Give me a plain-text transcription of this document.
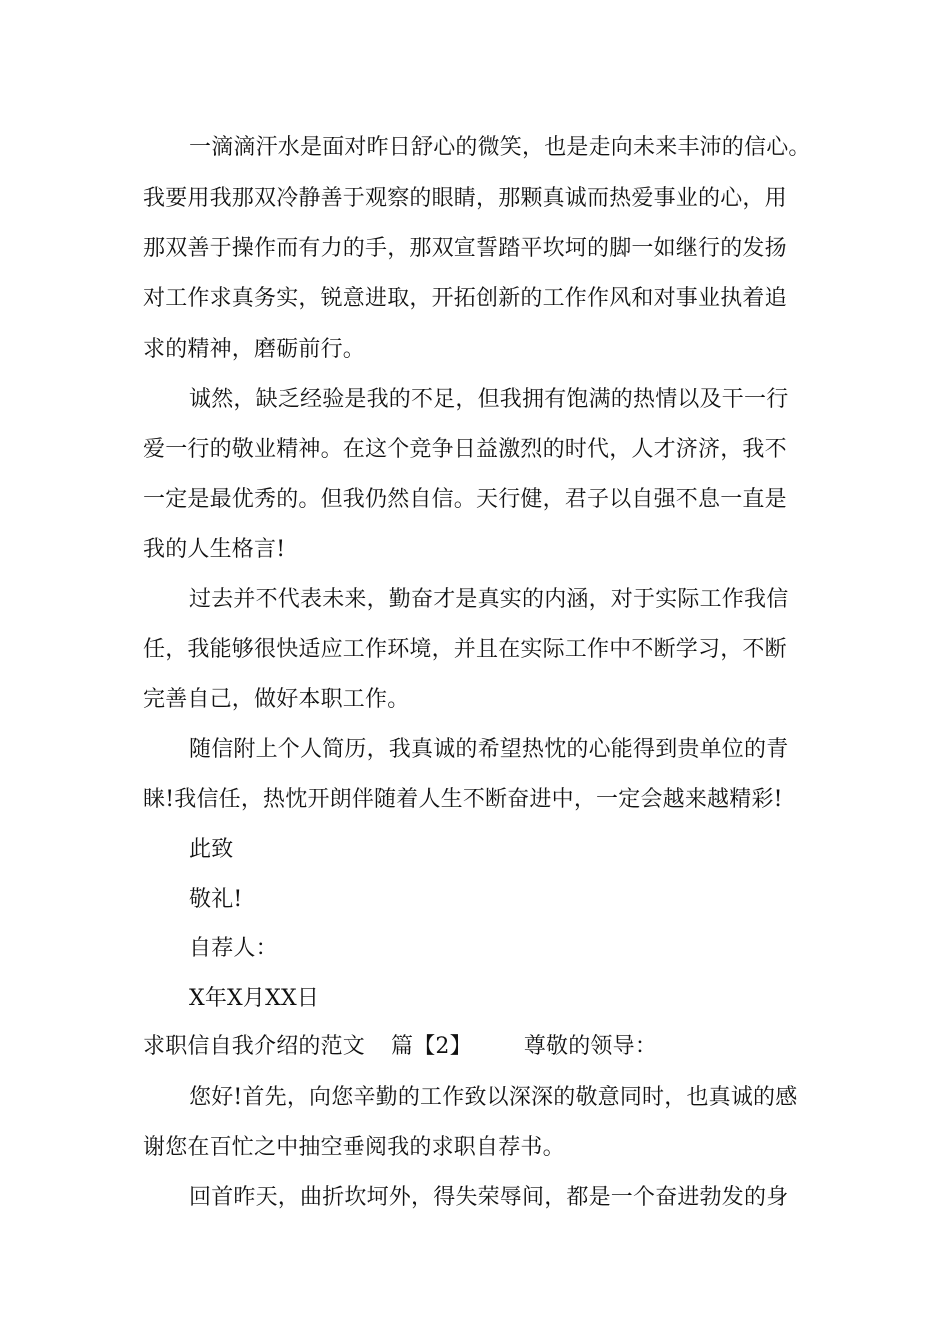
一滴滴汗水是面对昨日舒心的微笑，也是走向未来丰沛的信心。
我要用我那双冷静善于观察的眼睛，那颗真诚而热爱事业的心，用
那双善于操作而有力的手，那双宣誓踏平坎坷的脚一如继行的发扬
对工作求真务实，锐意进取，开拓创新的工作作风和对事业执着追
求的精神，磨砺前行。
诚然，缺乏经验是我的不足，但我拥有饱满的热情以及干一行
爱一行的敬业精神。在这个竞争日益激烈的时代，人才济济，我不
一定是最优秀的。但我仍然自信。天行健，君子以自强不息一直是
我的人生格言!
过去并不代表未来，勤奋才是真实的内涵，对于实际工作我信
任，我能够很快适应工作环境，并且在实际工作中不断学习，不断
完善自己，做好本职工作。
随信附上个人简历，我真诚的希望热忱的心能得到贵单位的青
睐!我信任，热忱开朗伴随着人生不断奋进中，一定会越来越精彩!
此致
敬礼!
自荐人：
X年X月XX日
求职信自我介绍的范文 篇【2】 尊敬的领导：
您好!首先，向您辛勤的工作致以深深的敬意同时，也真诚的感
谢您在百忙之中抽空垂阅我的求职自荐书。
回首昨天，曲折坎坷外，得失荣辱间，都是一个奋进勃发的身
